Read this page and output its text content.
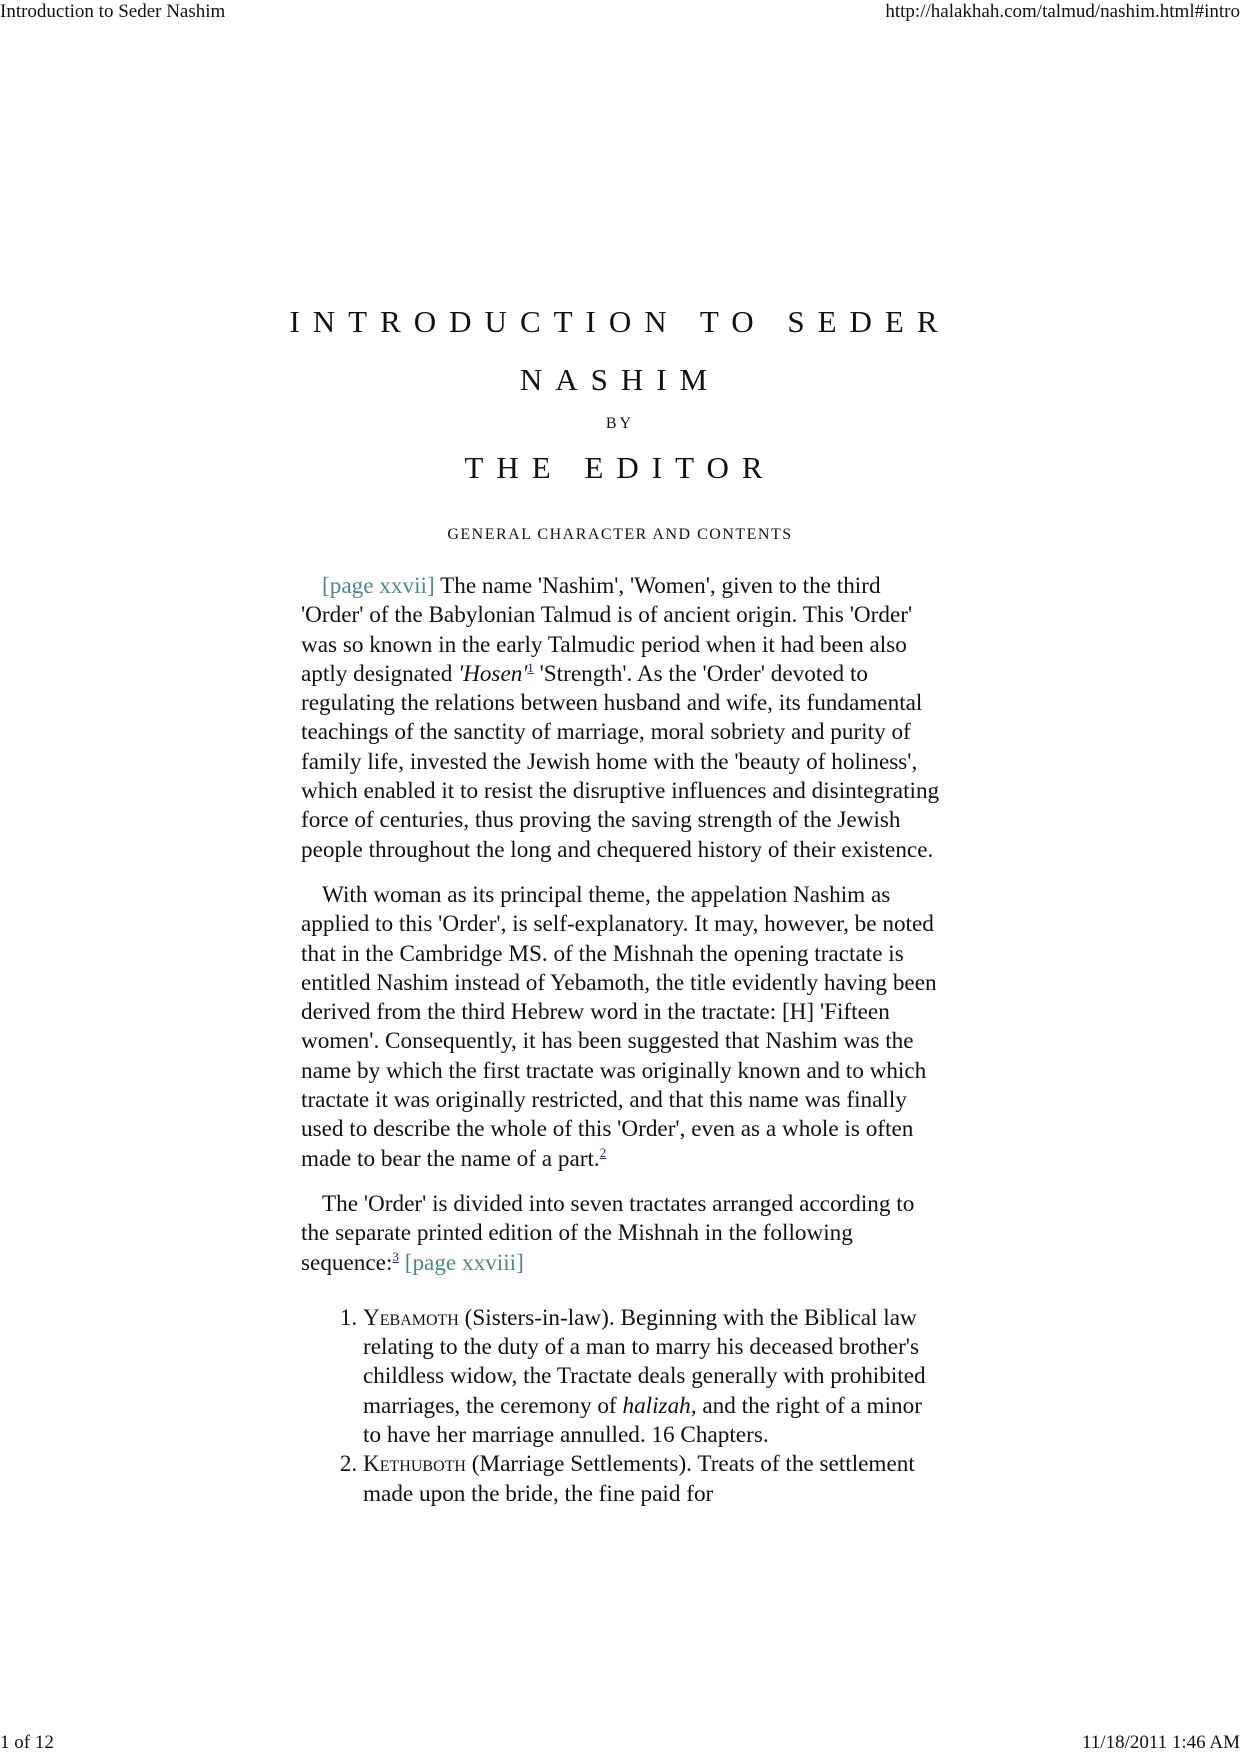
Introduction to Seder Nashim	http://halakhah.com/talmud/nashim.html#intro
INTRODUCTION TO SEDER
NASHIM
BY
THE EDITOR
GENERAL CHARACTER AND CONTENTS

[page xxvii] The name 'Nashim', 'Women', given to the third 'Order' of the Babylonian Talmud is of ancient origin. This 'Order' was so known in the early Talmudic period when it had been also aptly designated 'Hosen'$^1$ 'Strength'. As the 'Order' devoted to regulating the relations between husband and wife, its fundamental teachings of the sanctity of marriage, moral sobriety and purity of family life, invested the Jewish home with the 'beauty of holiness', which enabled it to resist the disruptive influences and disintegrating force of centuries, thus proving the saving strength of the Jewish people throughout the long and chequered history of their existence.

With woman as its principal theme, the appelation Nashim as applied to this 'Order', is self-explanatory. It may, however, be noted that in the Cambridge MS. of the Mishnah the opening tractate is entitled Nashim instead of Yebamoth, the title evidently having been derived from the third Hebrew word in the tractate: [H] 'Fifteen women'. Consequently, it has been suggested that Nashim was the name by which the first tractate was originally known and to which tractate it was originally restricted, and that this name was finally used to describe the whole of this 'Order', even as a whole is often made to bear the name of a part.$^2$

The 'Order' is divided into seven tractates arranged according to the separate printed edition of the Mishnah in the following sequence:$^3$ [page xxviii]

1. Yebamoth (Sisters-in-law). Beginning with the Biblical law relating to the duty of a man to marry his deceased brother's childless widow, the Tractate deals generally with prohibited marriages, the ceremony of halizah, and the right of a minor to have her marriage annulled. 16 Chapters.
2. Kethuboth (Marriage Settlements). Treats of the settlement made upon the bride, the fine paid for
1 of 12	11/18/2011 1:46 AM
